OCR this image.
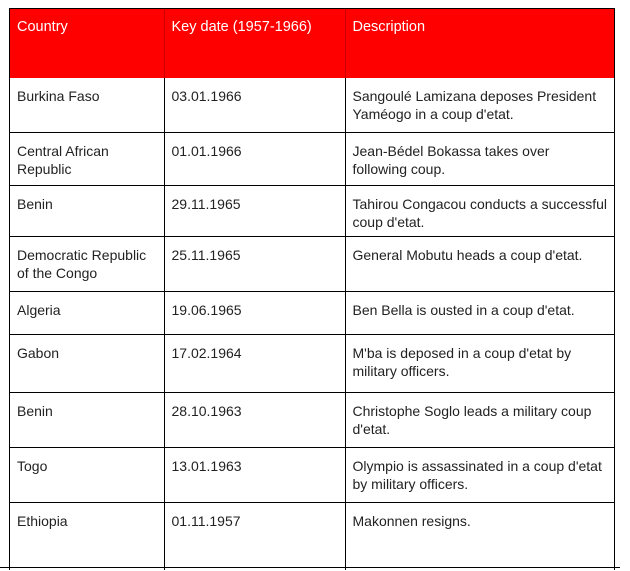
Country	Key date (1957-1966)	Description
Burkina Faso	03.01.1966	Sangoulé Lamizana deposes President Yaméogo in a coup d'etat.
Central African Republic	01.01.1966	Jean-Bédel Bokassa takes over following coup.
Benin	29.11.1965	Tahirou Congacou conducts a successful coup d'etat.
Democratic Republic of the Congo	25.11.1965	General Mobutu heads a coup d'etat.
Algeria	19.06.1965	Ben Bella is ousted in a coup d'etat.
Gabon	17.02.1964	M'ba is deposed in a coup d'etat by military officers.
Benin	28.10.1963	Christophe Soglo leads a military coup d'etat.
Togo	13.01.1963	Olympio is assassinated in a coup d'etat by military officers.
Ethiopia	01.11.1957	Makonnen resigns.
